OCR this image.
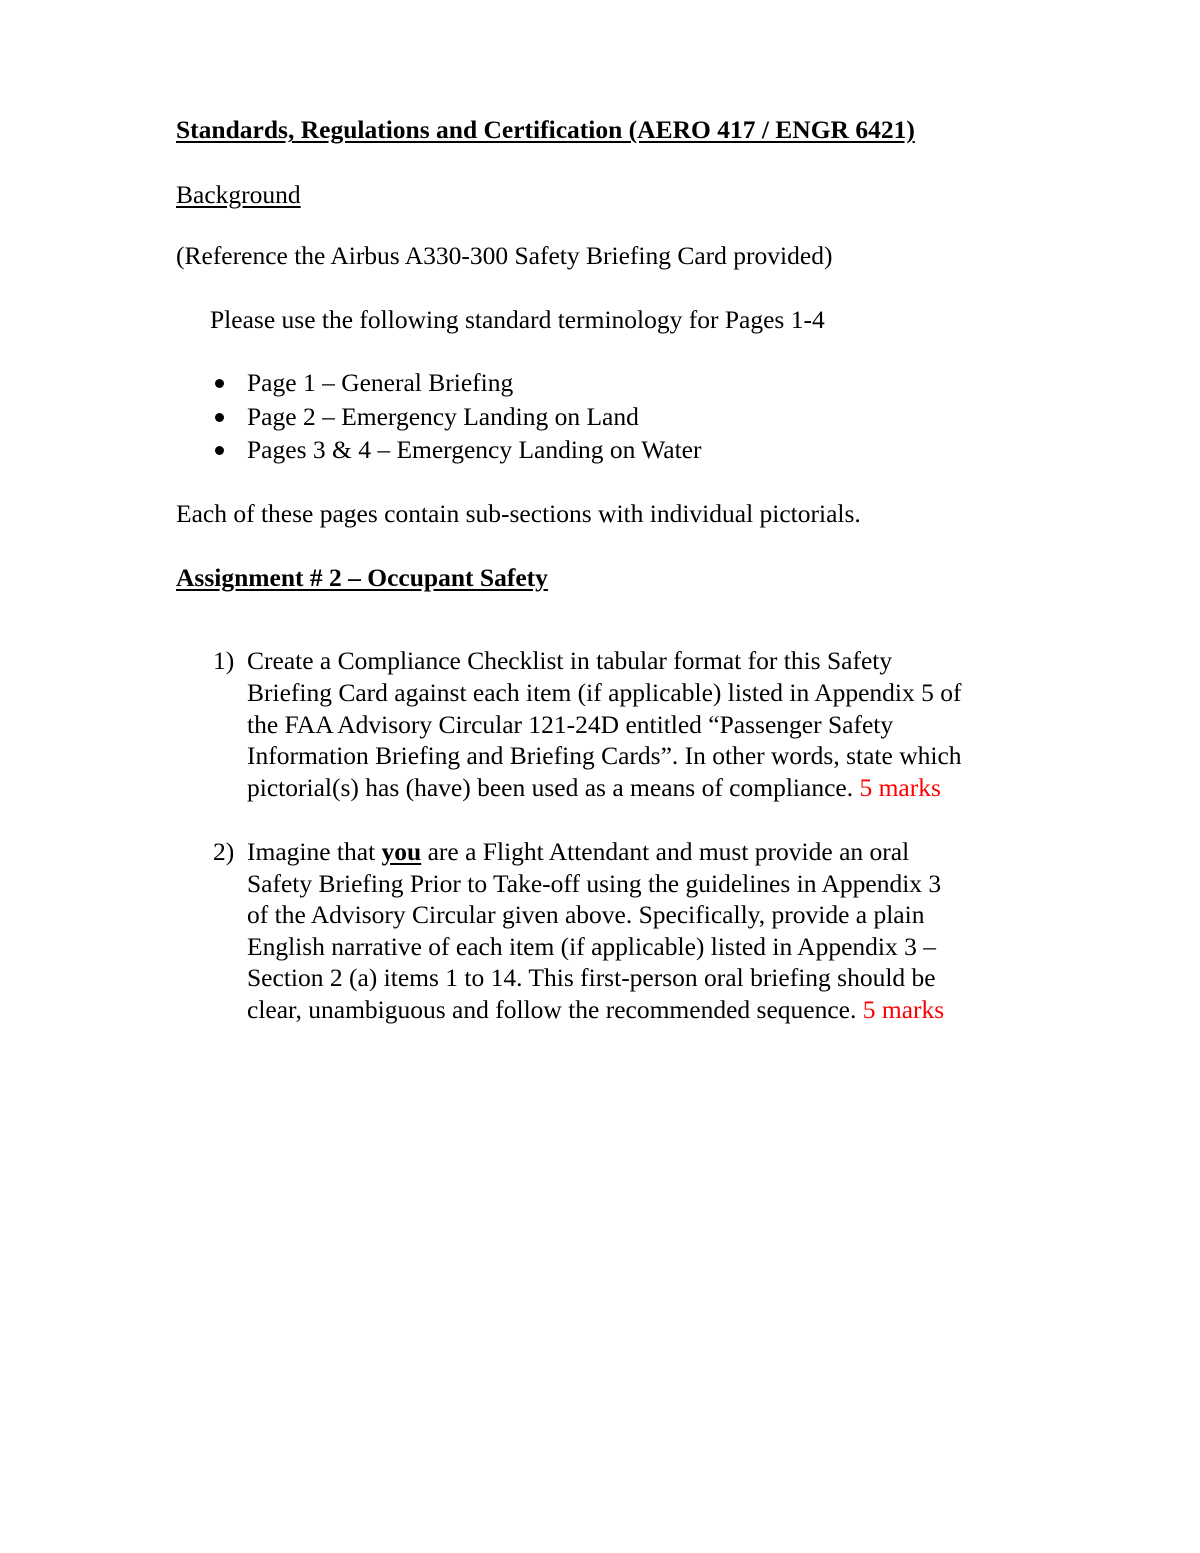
Standards, Regulations and Certification (AERO 417 / ENGR 6421)
Background
(Reference the Airbus A330-300 Safety Briefing Card provided)
Please use the following standard terminology for Pages 1-4
Page 1 – General Briefing
Page 2 – Emergency Landing on Land
Pages 3 & 4 – Emergency Landing on Water
Each of these pages contain sub-sections with individual pictorials.
Assignment # 2 – Occupant Safety
1) Create a Compliance Checklist in tabular format for this Safety
Briefing Card against each item (if applicable) listed in Appendix 5 of
the FAA Advisory Circular 121-24D entitled “Passenger Safety
Information Briefing and Briefing Cards”. In other words, state which
pictorial(s) has (have) been used as a means of compliance. 5 marks
2) Imagine that you are a Flight Attendant and must provide an oral
Safety Briefing Prior to Take-off using the guidelines in Appendix 3
of the Advisory Circular given above. Specifically, provide a plain
English narrative of each item (if applicable) listed in Appendix 3 –
Section 2 (a) items 1 to 14. This first-person oral briefing should be
clear, unambiguous and follow the recommended sequence. 5 marks
